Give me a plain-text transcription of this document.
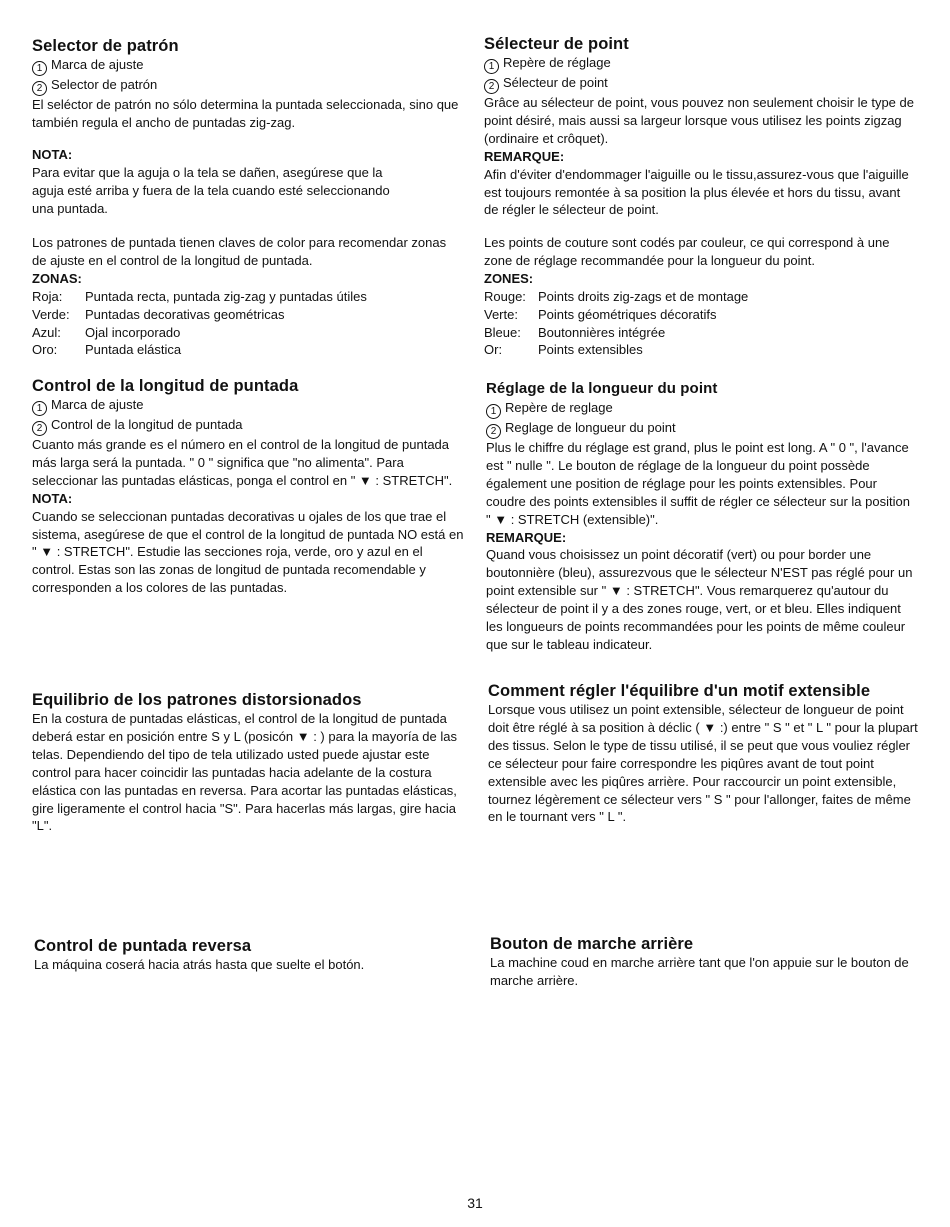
Selector de patrón

1 Marca de ajuste

2 Selector de patrón

El seléctor de patrón no sólo determina la puntada seleccionada, sino que también regula el ancho de puntadas zig-zag.

NOTA:

Para evitar que la aguja o la tela se dañen, asegúrese que la aguja esté arriba y fuera de la tela cuando esté seleccionando una puntada.

Los patrones de puntada tienen claves de color para recomendar zonas de ajuste en el control de la longitud de puntada.

ZONAS:

Roja: Puntada recta, puntada zig-zag y puntadas útiles

Verde: Puntadas decorativas geométricas

Azul: Ojal incorporado

Oro: Puntada elástica

Control de la longitud de puntada

1 Marca de ajuste

2 Control de la longitud de puntada

Cuanto más grande es el número en el control de la longitud de puntada más larga será la puntada. " 0 " significa que "no alimenta". Para seleccionar las puntadas elásticas, ponga el control en " ▼ : STRETCH".

NOTA:

Cuando se seleccionan puntadas decorativas u ojales de los que trae el sistema, asegúrese de que el control de la longitud de puntada NO está en " ▼ : STRETCH". Estudie las secciones roja, verde, oro y azul en el control. Estas son las zonas de longitud de puntada recomendable y corresponden a los colores de las puntadas.

Equilibrio de los patrones distorsionados

En la costura de puntadas elásticas, el control de la longitud de puntada deberá estar en posición entre S y L (posicón ▼ : ) para la mayoría de las telas. Dependiendo del tipo de tela utilizado usted puede ajustar este control para hacer coincidir las puntadas hacia adelante de la costura elástica con las puntadas en reversa. Para acortar las puntadas elásticas, gire ligeramente el control hacia "S". Para hacerlas más largas, gire hacia "L".

Control de puntada reversa

La máquina coserá hacia atrás hasta que suelte el botón.

Sélecteur de point

1 Repère de réglage

2 Sélecteur de point

Grâce au sélecteur de point, vous pouvez non seulement choisir le type de point désiré, mais aussi sa largeur lorsque vous utilisez les points zigzag (ordinaire et crôquet).

REMARQUE:

Afin d'éviter d'endommager l'aiguille ou le tissu,assurez-vous que l'aiguille est toujours remontée à sa position la plus élevée et hors du tissu, avant de régler le sélecteur de point.

Les points de couture sont codés par couleur, ce qui correspond à une zone de réglage recommandée pour la longueur du point.

ZONES:

Rouge: Points droits zig-zags et de montage

Verte: Points géométriques décoratifs

Bleue: Boutonnières intégrée

Or:	Points extensibles

Réglage de la longueur du point

1 Repère de reglage

2 Reglage de longueur du point

Plus le chiffre du réglage est grand, plus le point est long. A " 0 ", l'avance est " nulle ". Le bouton de réglage de la longueur du point possède également une position de réglage pour les points extensibles. Pour coudre des points extensibles il suffit de régler ce sélecteur sur la position " ▼ : STRETCH (extensible)".

REMARQUE:

Quand vous choisissez un point décoratif (vert) ou pour border une boutonnière (bleu), assurezvous que le sélecteur N'EST pas réglé pour un point extensible sur " ▼ : STRETCH". Vous remarquerez qu'autour du sélecteur de point il y a des zones rouge, vert, or et bleu. Elles indiquent les longueurs de points recommandées pour les points de même couleur que sur le tableau indicateur.

Comment régler l'équilibre d'un motif extensible

Lorsque vous utilisez un point extensible, sélecteur de longueur de point doit être réglé à sa position à déclic ( ▼ :) entre " S " et " L " pour la plupart des tissus. Selon le type de tissu utilisé, il se peut que vous vouliez régler ce sélecteur pour faire correspondre les piqûres avant de tout point extensible avec les piqûres arrière. Pour raccourcir un point extensible, tournez légèrement ce sélecteur vers " S " pour l'allonger, faites de même en le tournant vers " L ".

Bouton de marche arrière

La machine coud en marche arrière tant que l'on appuie sur le bouton de marche arrière.

31
